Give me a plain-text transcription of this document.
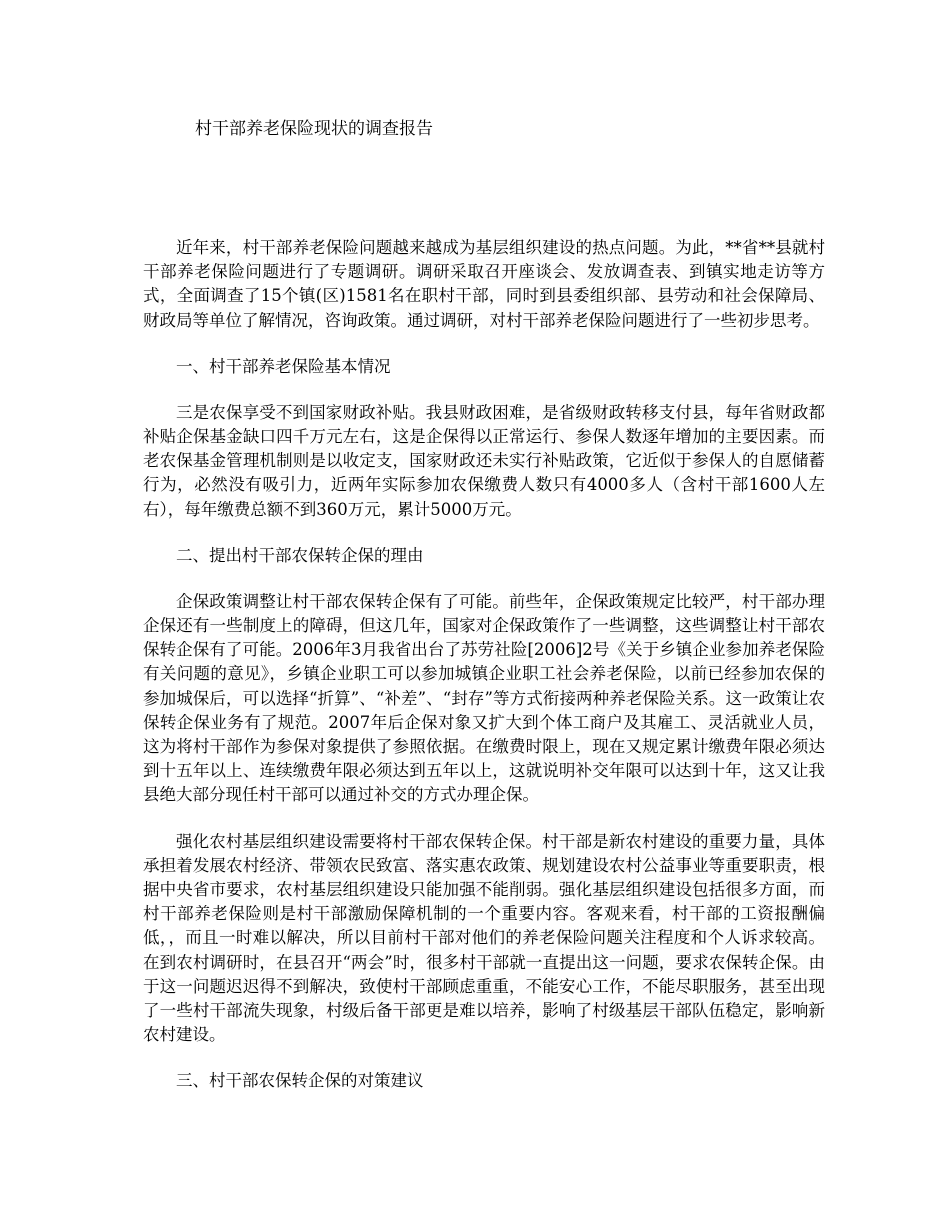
村干部养老保险现状的调查报告

近年来，村干部养老保险问题越来越成为基层组织建设的热点问题。为此，**省**县就村干部养老保险问题进行了专题调研。调研采取召开座谈会、发放调查表、到镇实地走访等方式，全面调查了15个镇(区)1581名在职村干部，同时到县委组织部、县劳动和社会保障局、财政局等单位了解情况，咨询政策。通过调研，对村干部养老保险问题进行了一些初步思考。

一、村干部养老保险基本情况

三是农保享受不到国家财政补贴。我县财政困难，是省级财政转移支付县，每年省财政都补贴企保基金缺口四千万元左右，这是企保得以正常运行、参保人数逐年增加的主要因素。而老农保基金管理机制则是以收定支，国家财政还未实行补贴政策，它近似于参保人的自愿储蓄行为，必然没有吸引力，近两年实际参加农保缴费人数只有4000多人（含村干部1600人左右），每年缴费总额不到360万元，累计5000万元。

二、提出村干部农保转企保的理由

企保政策调整让村干部农保转企保有了可能。前些年，企保政策规定比较严，村干部办理企保还有一些制度上的障碍，但这几年，国家对企保政策作了一些调整，这些调整让村干部农保转企保有了可能。2006年3月我省出台了苏劳社险[2006]2号《关于乡镇企业参加养老保险有关问题的意见》，乡镇企业职工可以参加城镇企业职工社会养老保险，以前已经参加农保的参加城保后，可以选择“折算”、“补差”、“封存”等方式衔接两种养老保险关系。这一政策让农保转企保业务有了规范。2007年后企保对象又扩大到个体工商户及其雇工、灵活就业人员，这为将村干部作为参保对象提供了参照依据。在缴费时限上，现在又规定累计缴费年限必须达到十五年以上、连续缴费年限必须达到五年以上，这就说明补交年限可以达到十年，这又让我县绝大部分现任村干部可以通过补交的方式办理企保。

强化农村基层组织建设需要将村干部农保转企保。村干部是新农村建设的重要力量，具体承担着发展农村经济、带领农民致富、落实惠农政策、规划建设农村公益事业等重要职责，根据中央省市要求，农村基层组织建设只能加强不能削弱。强化基层组织建设包括很多方面，而村干部养老保险则是村干部激励保障机制的一个重要内容。客观来看，村干部的工资报酬偏低，，而且一时难以解决，所以目前村干部对他们的养老保险问题关注程度和个人诉求较高。在到农村调研时，在县召开“两会”时，很多村干部就一直提出这一问题，要求农保转企保。由于这一问题迟迟得不到解决，致使村干部顾虑重重，不能安心工作，不能尽职服务，甚至出现了一些村干部流失现象，村级后备干部更是难以培养，影响了村级基层干部队伍稳定，影响新农村建设。

三、村干部农保转企保的对策建议
